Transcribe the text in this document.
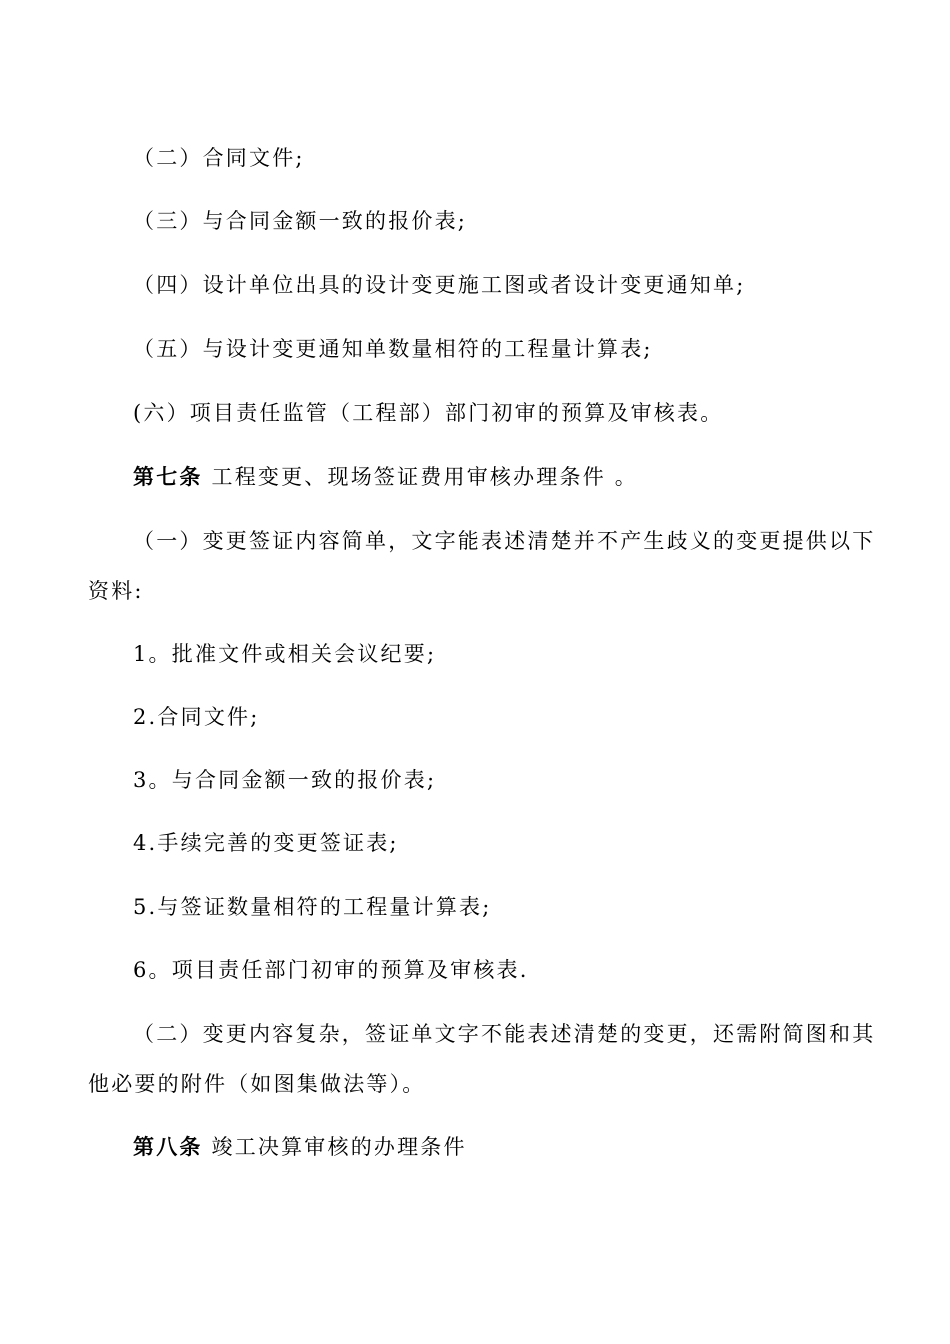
（二）合同文件;
（三）与合同金额一致的报价表;
（四）设计单位出具的设计变更施工图或者设计变更通知单;
（五）与设计变更通知单数量相符的工程量计算表;
(六）项目责任监管（工程部）部门初审的预算及审核表。
第七条 工程变更、现场签证费用审核办理条件 。
（一）变更签证内容简单，文字能表述清楚并不产生歧义的变更提供以下
资料:
1。批准文件或相关会议纪要;
2.合同文件;
3。与合同金额一致的报价表;
4.手续完善的变更签证表;
5.与签证数量相符的工程量计算表;
6。项目责任部门初审的预算及审核表.
（二）变更内容复杂，签证单文字不能表述清楚的变更，还需附简图和其
他必要的附件（如图集做法等）。
第八条 竣工决算审核的办理条件
